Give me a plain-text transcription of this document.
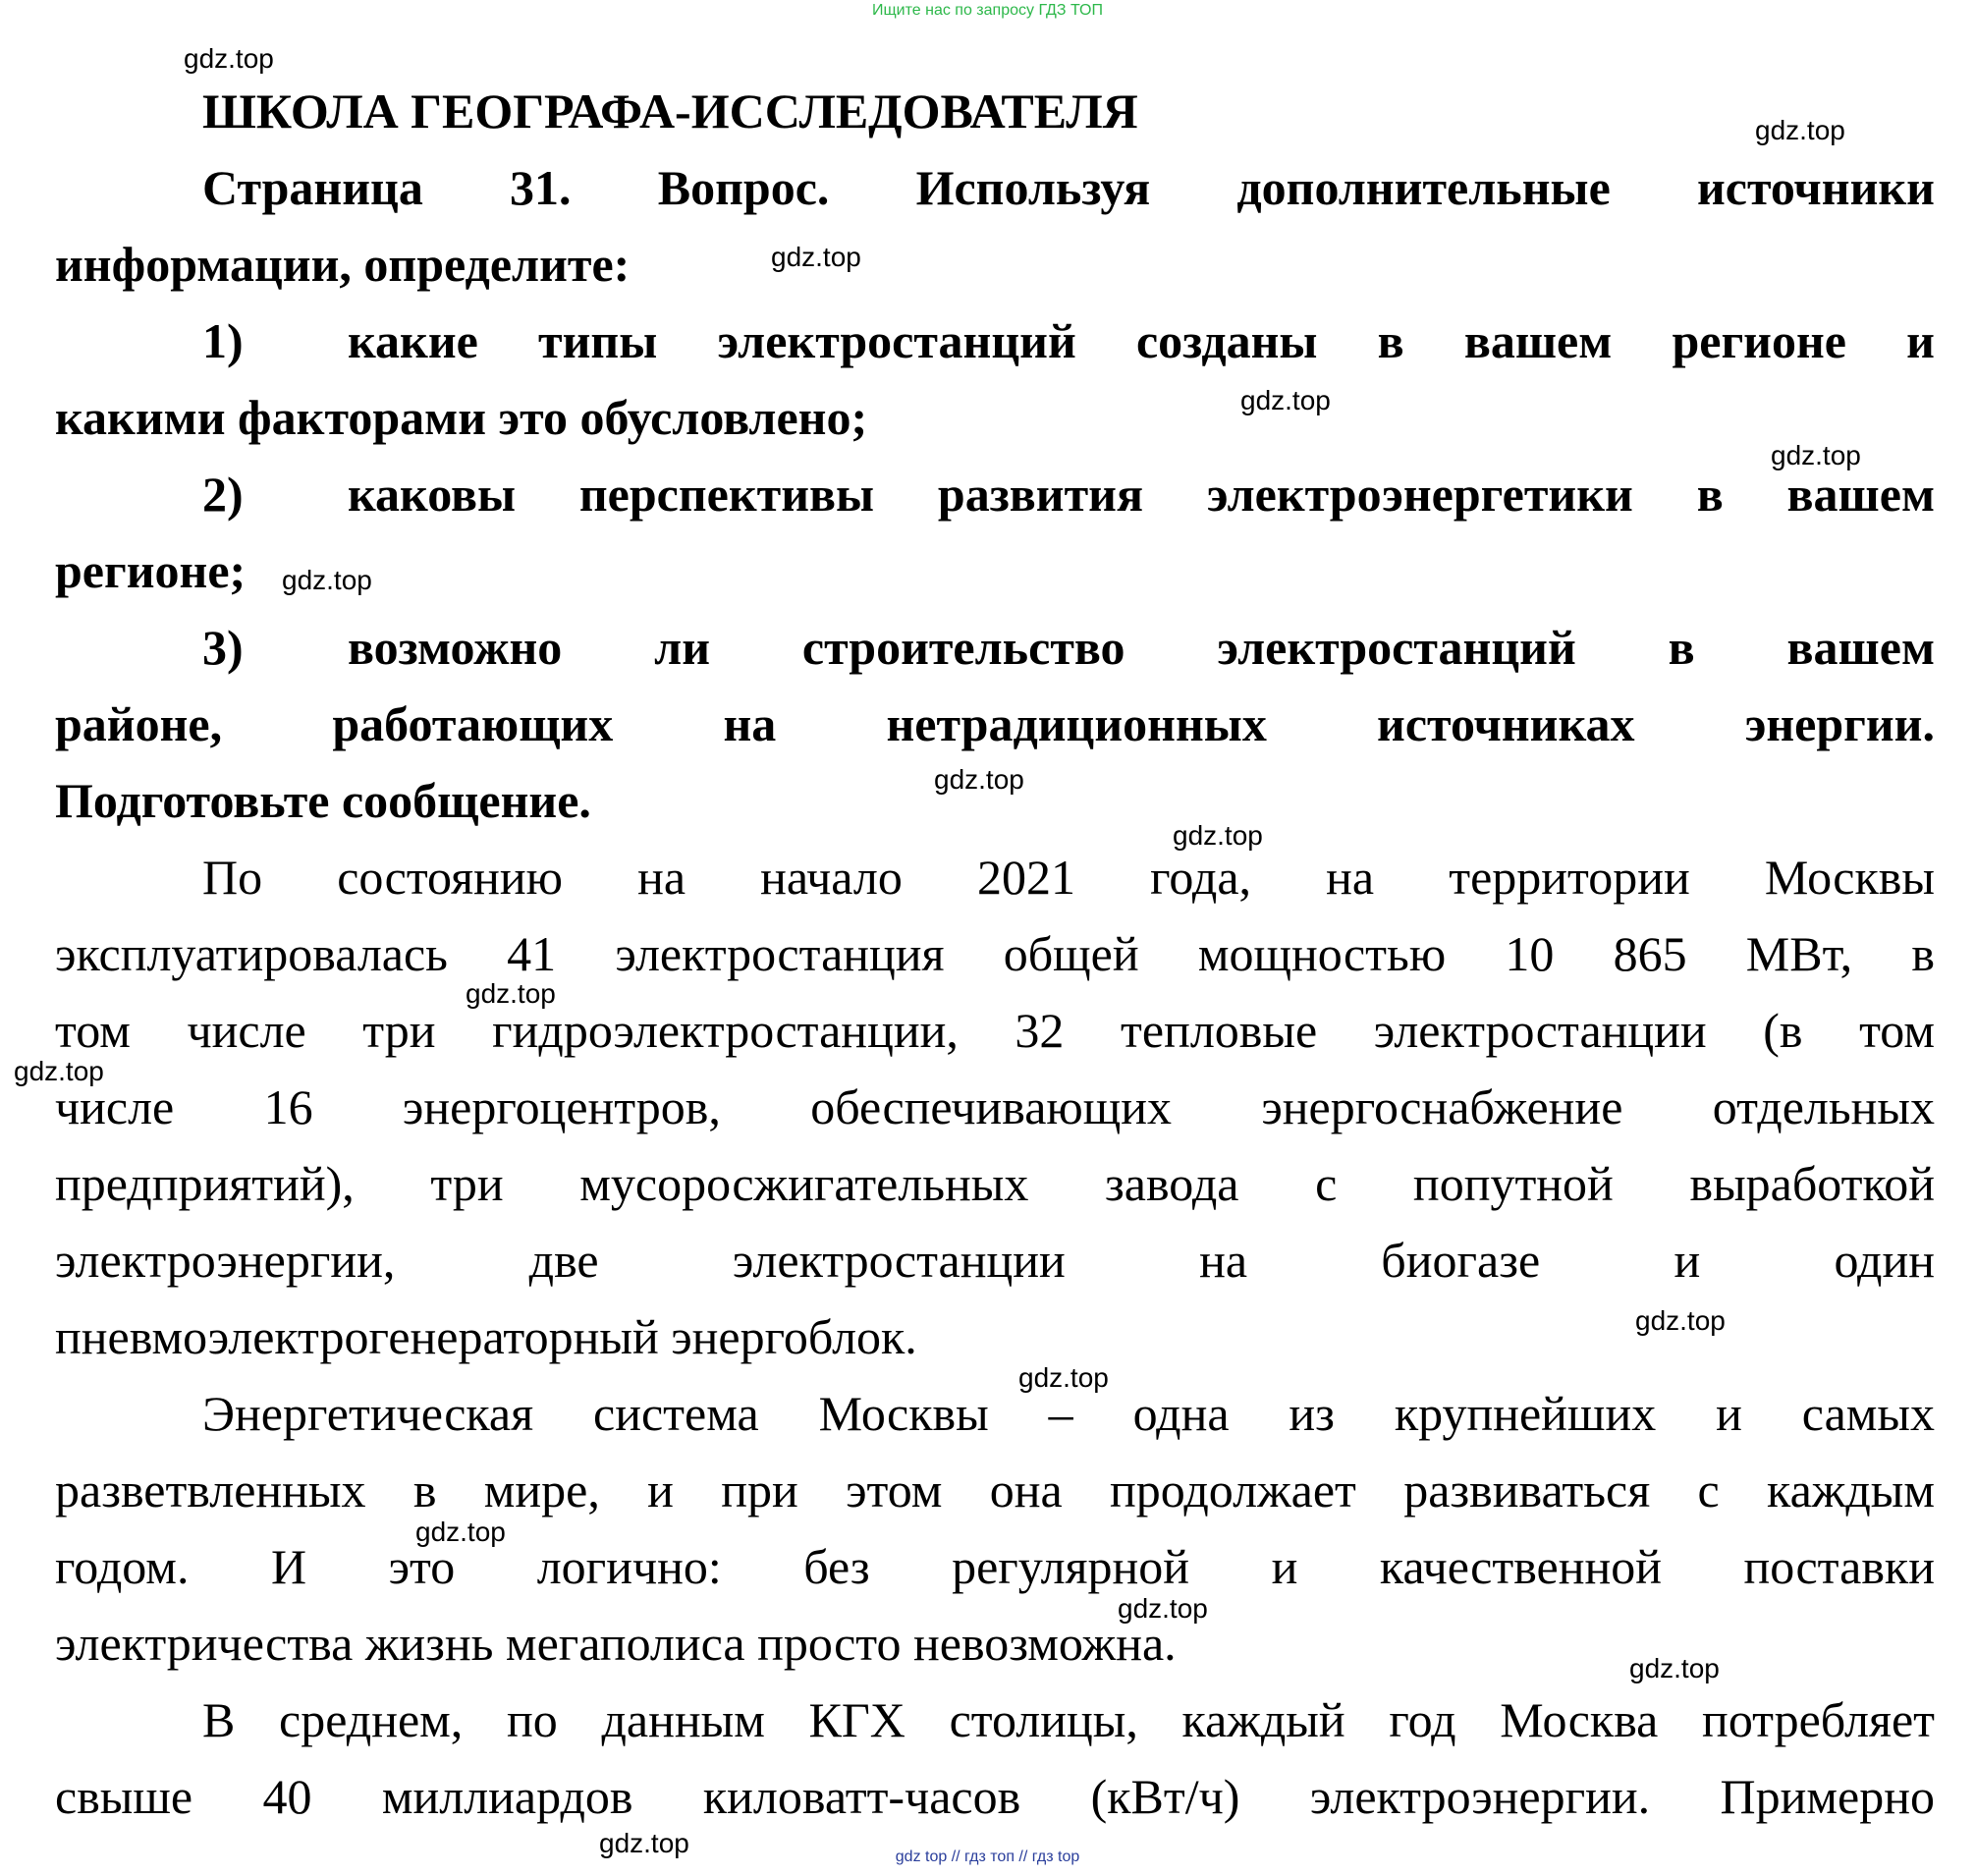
Ищите нас по запросу ГДЗ ТОП
ШКОЛА ГЕОГРАФА-ИССЛЕДОВАТЕЛЯ
Страница 31. Вопрос. Используя дополнительные источники
информации, определите:
1)	какие типы электростанций созданы в вашем регионе и
какими факторами это обусловлено;
2)	каковы перспективы развития электроэнергетики в вашем
регионе;
3)	возможно ли строительство электростанций в вашем
районе, работающих на нетрадиционных источниках энергии.
Подготовьте сообщение.
По состоянию на начало 2021 года, на территории Москвы
эксплуатировалась 41 электростанция общей мощностью 10 865 МВт, в
том числе три гидроэлектростанции, 32 тепловые электростанции (в том
числе 16 энергоцентров, обеспечивающих энергоснабжение отдельных
предприятий), три мусоросжигательных завода с попутной выработкой
электроэнергии, две электростанции на биогазе и один
пневмоэлектрогенераторный энергоблок.
Энергетическая система Москвы – одна из крупнейших и самых
разветвленных в мире, и при этом она продолжает развиваться с каждым
годом. И это логично: без регулярной и качественной поставки
электричества жизнь мегаполиса просто невозможна.
В среднем, по данным КГХ столицы, каждый год Москва потребляет
свыше 40 миллиардов киловатт-часов (кВт/ч) электроэнергии. Примерно
gdz.top
gdz.top
gdz.top
gdz.top
gdz.top
gdz.top
gdz.top
gdz.top
gdz.top
gdz.top
gdz.top
gdz.top
gdz.top
gdz.top
gdz.top
gdz.top	gdz top // гдз топ // гдз top
